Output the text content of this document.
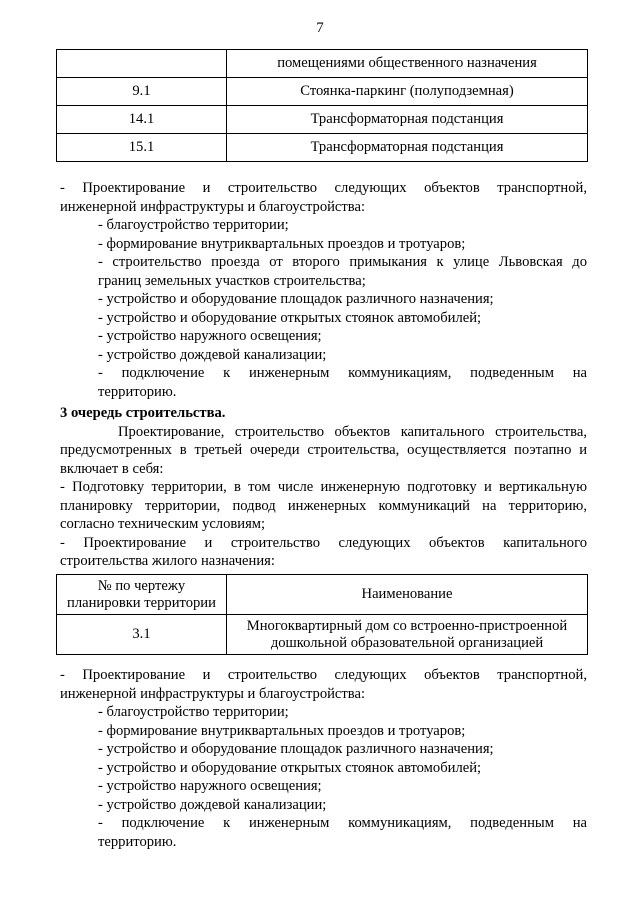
7
	помещениями общественного назначения
9.1	Стоянка-паркинг (полуподземная)
14.1	Трансформаторная подстанция
15.1	Трансформаторная подстанция

- Проектирование и строительство следующих объектов транспортной,

инженерной инфраструктуры и благоустройства:

- благоустройство территории;

- формирование внутриквартальных проездов и тротуаров;

- строительство проезда от второго примыкания к улице Львовская до

границ земельных участков строительства;

- устройство и оборудование площадок различного назначения;

- устройство и оборудование открытых стоянок автомобилей;

- устройство наружного освещения;

- устройство дождевой канализации;

- подключение к инженерным коммуникациям, подведенным на

территорию.

3 очередь строительства.

Проектирование, строительство объектов капитального строительства,

предусмотренных в третьей очереди строительства, осуществляется поэтапно и

включает в себя:

- Подготовку территории, в том числе инженерную подготовку и вертикальную

планировку территории, подвод инженерных коммуникаций на территорию,

согласно техническим условиям;

- Проектирование и строительство следующих объектов капитального

строительства жилого назначения:

№ по чертежу
планировки территории	Наименование
3.1	Многоквартирный дом со встроенно-пристроенной
дошкольной образовательной организацией

- Проектирование и строительство следующих объектов транспортной,

инженерной инфраструктуры и благоустройства:

- благоустройство территории;

- формирование внутриквартальных проездов и тротуаров;

- устройство и оборудование площадок различного назначения;

- устройство и оборудование открытых стоянок автомобилей;

- устройство наружного освещения;

- устройство дождевой канализации;

- подключение к инженерным коммуникациям, подведенным на

территорию.
